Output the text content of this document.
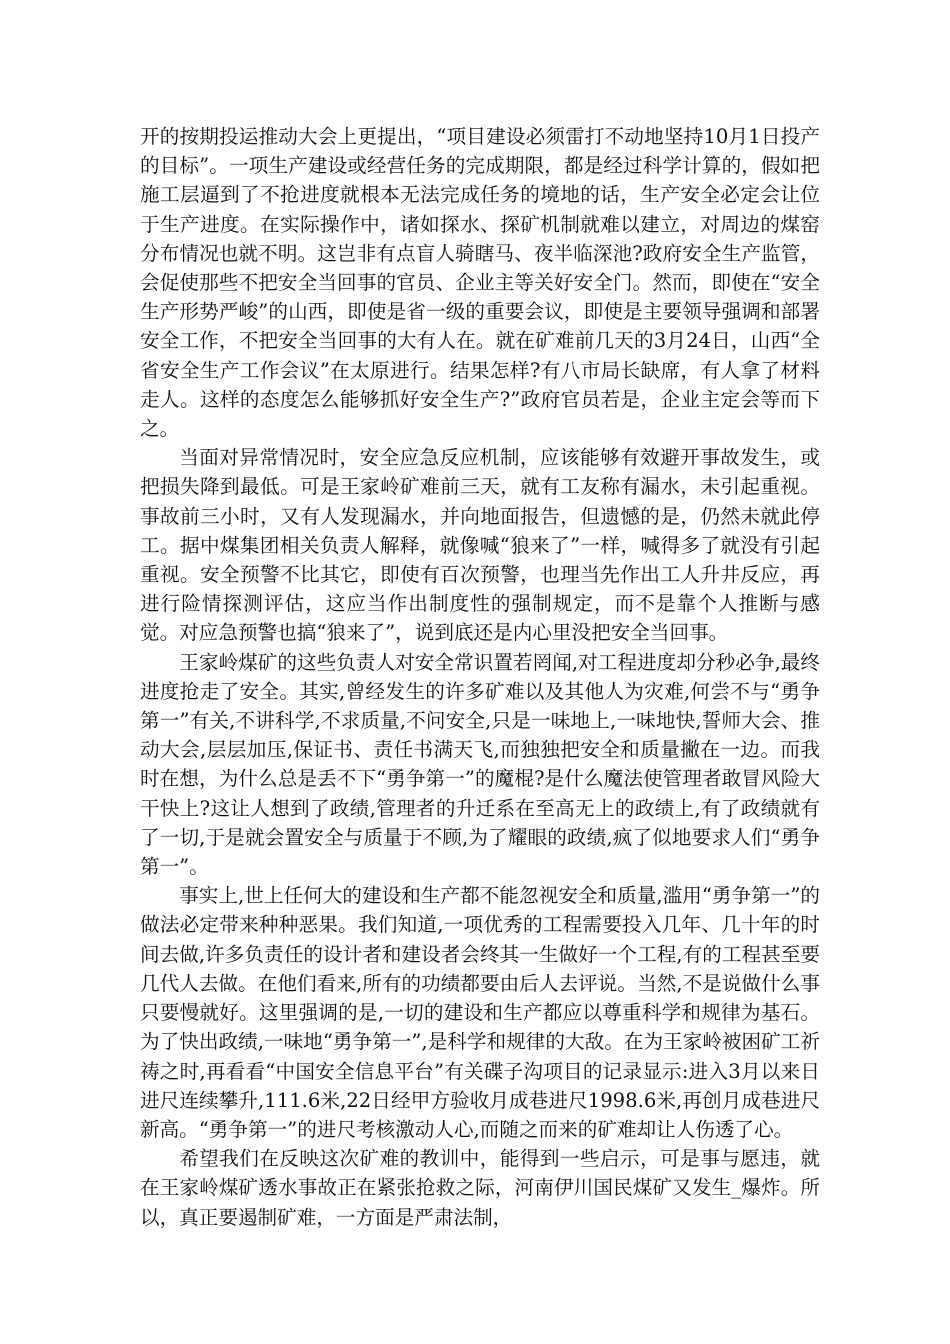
开的按期投运推动大会上更提出，“项目建设必须雷打不动地坚持10月1日投产的目标”。一项生产建设或经营任务的完成期限，都是经过科学计算的，假如把施工层逼到了不抢进度就根本无法完成任务的境地的话，生产安全必定会让位于生产进度。在实际操作中，诸如探水、探矿机制就难以建立，对周边的煤窑分布情况也就不明。这岂非有点盲人骑瞎马、夜半临深池?政府安全生产监管，会促使那些不把安全当回事的官员、企业主等关好安全门。然而，即使在“安全生产形势严峻”的山西，即使是省一级的重要会议，即使是主要领导强调和部署安全工作，不把安全当回事的大有人在。就在矿难前几天的3月24日，山西“全省安全生产工作会议”在太原进行。结果怎样?有八市局长缺席，有人拿了材料走人。这样的态度怎么能够抓好安全生产?”政府官员若是，企业主定会等而下之。

当面对异常情况时，安全应急反应机制，应该能够有效避开事故发生，或把损失降到最低。可是王家岭矿难前三天，就有工友称有漏水，未引起重视。事故前三小时，又有人发现漏水，并向地面报告，但遗憾的是，仍然未就此停工。据中煤集团相关负责人解释，就像喊“狼来了”一样，喊得多了就没有引起重视。安全预警不比其它，即使有百次预警，也理当先作出工人升井反应，再进行险情探测评估，这应当作出制度性的强制规定，而不是靠个人推断与感觉。对应急预警也搞“狼来了”，说到底还是内心里没把安全当回事。

王家岭煤矿的这些负责人对安全常识置若罔闻,对工程进度却分秒必争,最终进度抢走了安全。其实,曾经发生的许多矿难以及其他人为灾难,何尝不与“勇争第一”有关,不讲科学,不求质量,不问安全,只是一味地上,一味地快,誓师大会、推动大会,层层加压,保证书、责任书满天飞,而独独把安全和质量撇在一边。而我时在想，为什么总是丢不下“勇争第一”的魔棍?是什么魔法使管理者敢冒风险大干快上?这让人想到了政绩,管理者的升迁系在至高无上的政绩上,有了政绩就有了一切,于是就会置安全与质量于不顾,为了耀眼的政绩,疯了似地要求人们“勇争第一”。

事实上,世上任何大的建设和生产都不能忽视安全和质量,滥用“勇争第一”的做法必定带来种种恶果。我们知道,一项优秀的工程需要投入几年、几十年的时间去做,许多负责任的设计者和建设者会终其一生做好一个工程,有的工程甚至要几代人去做。在他们看来,所有的功绩都要由后人去评说。当然,不是说做什么事只要慢就好。这里强调的是,一切的建设和生产都应以尊重科学和规律为基石。为了快出政绩,一味地“勇争第一”,是科学和规律的大敌。在为王家岭被困矿工祈祷之时,再看看“中国安全信息平台”有关碟子沟项目的记录显示:进入3月以来日进尺连续攀升,111.6米,22日经甲方验收月成巷进尺1998.6米,再创月成巷进尺新高。“勇争第一”的进尺考核激动人心,而随之而来的矿难却让人伤透了心。

希望我们在反映这次矿难的教训中，能得到一些启示，可是事与愿违，就在王家岭煤矿透水事故正在紧张抢救之际，河南伊川国民煤矿又发生_爆炸。所以，真正要遏制矿难，一方面是严肃法制，
